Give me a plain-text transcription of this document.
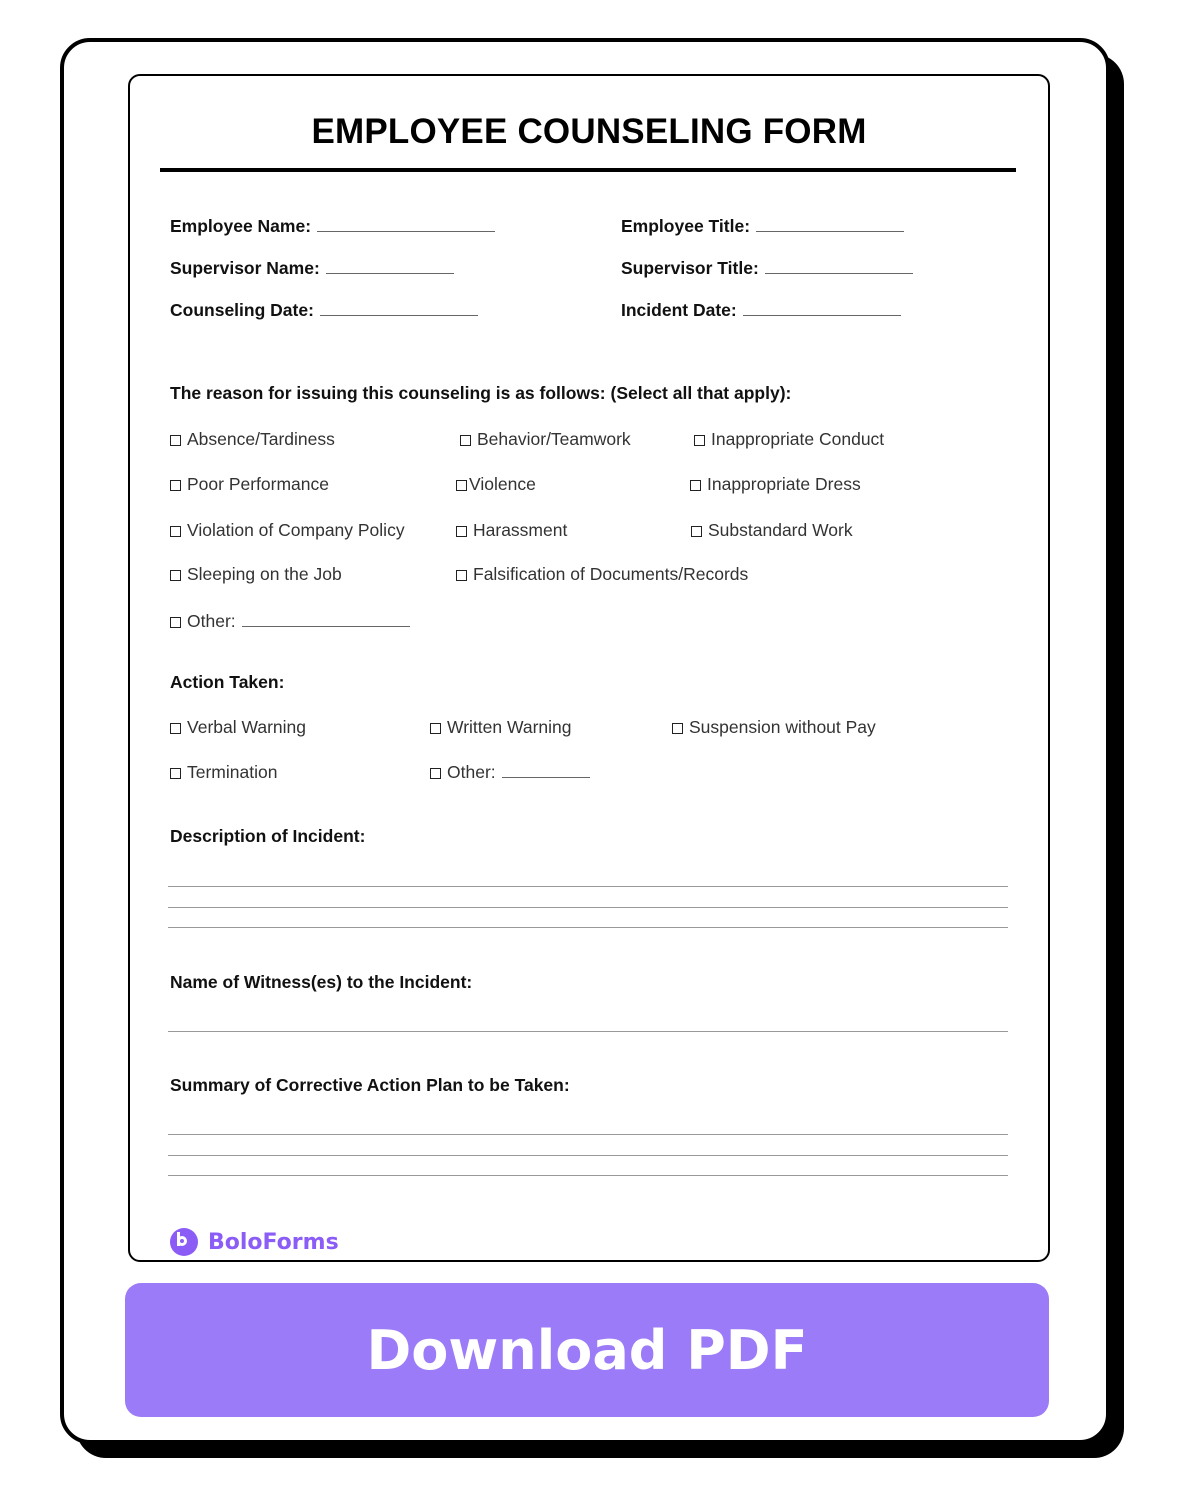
EMPLOYEE COUNSELING FORM
Employee Name:	Employee Title:
Supervisor Name:	Supervisor Title:
Counseling Date:	Incident Date:
The reason for issuing this counseling is as follows: (Select all that apply):
Absence/Tardiness	Behavior/Teamwork	Inappropriate Conduct
Poor Performance	Violence	Inappropriate Dress
Violation of Company Policy	Harassment	Substandard Work
Sleeping on the Job	Falsification of Documents/Records
Other:
Action Taken:
Verbal Warning	Written Warning	Suspension without Pay
Termination	Other:
Description of Incident:
Name of Witness(es) to the Incident:
Summary of Corrective Action Plan to be Taken:
BoloForms
Download PDF
